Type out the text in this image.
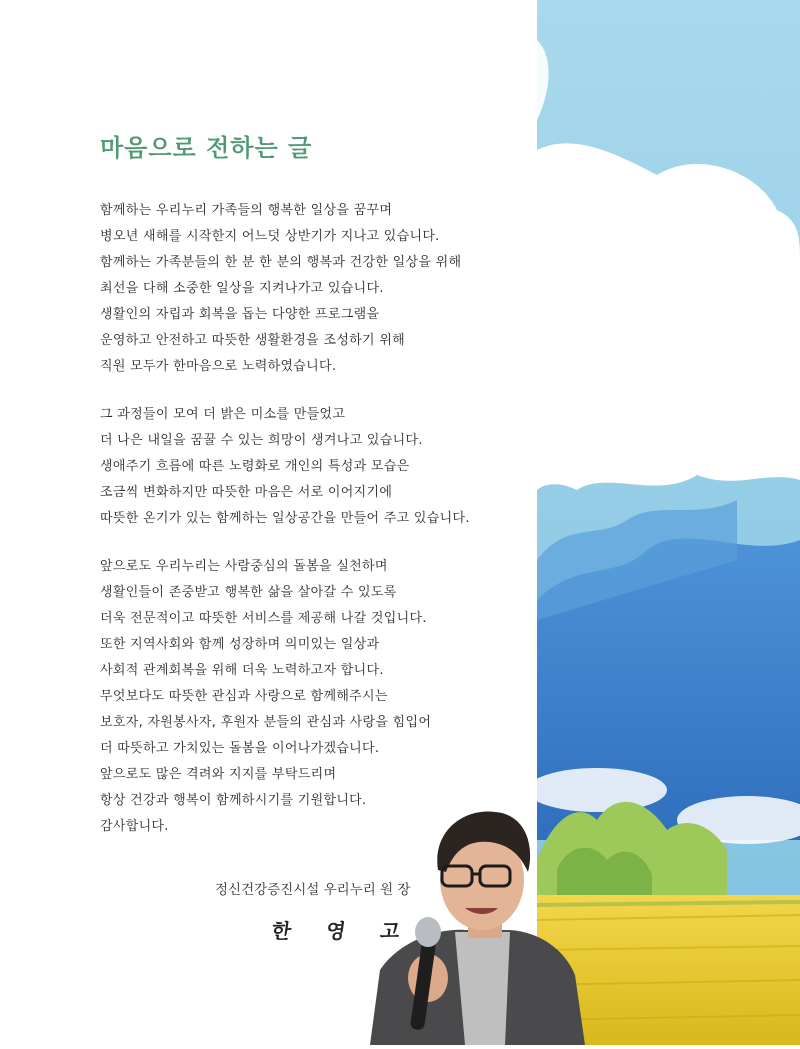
마음으로 전하는 글
함께하는 우리누리 가족들의 행복한 일상을 꿈꾸며
병오년 새해를 시작한지 어느덧 상반기가 지나고 있습니다.
함께하는 가족분들의 한 분 한 분의 행복과 건강한 일상을 위해
최선을 다해 소중한 일상을 지켜나가고 있습니다.
생활인의 자립과 회복을 돕는 다양한 프로그램을
운영하고 안전하고 따뜻한 생활환경을 조성하기 위해
직원 모두가 한마음으로 노력하였습니다.
그 과정들이 모여 더 밝은 미소를 만들었고
더 나은 내일을 꿈꿀 수 있는 희망이 생겨나고 있습니다.
생애주기 흐름에 따른 노령화로 개인의 특성과 모습은
조금씩 변화하지만 따뜻한 마음은 서로 이어지기에
따뜻한 온기가 있는 함께하는 일상공간을 만들어 주고 있습니다.
앞으로도 우리누리는 사람중심의 돌봄을 실천하며
생활인들이 존중받고 행복한 삶을 살아갈 수 있도록
더욱 전문적이고 따뜻한 서비스를 제공해 나갈 것입니다.
또한 지역사회와 함께 성장하며 의미있는 일상과
사회적 관계회복을 위해 더욱 노력하고자 합니다.
무엇보다도 따뜻한 관심과 사랑으로 함께해주시는
보호자, 자원봉사자, 후원자 분들의 관심과 사랑을 힘입어
더 따뜻하고 가치있는 돌봄을 이어나가겠습니다.
앞으로도 많은 격려와 지지를 부탁드리며
항상 건강과 행복이 함께하시기를 기원합니다.
감사합니다.
정신건강증진시설 우리누리 원 장
한 영 고
